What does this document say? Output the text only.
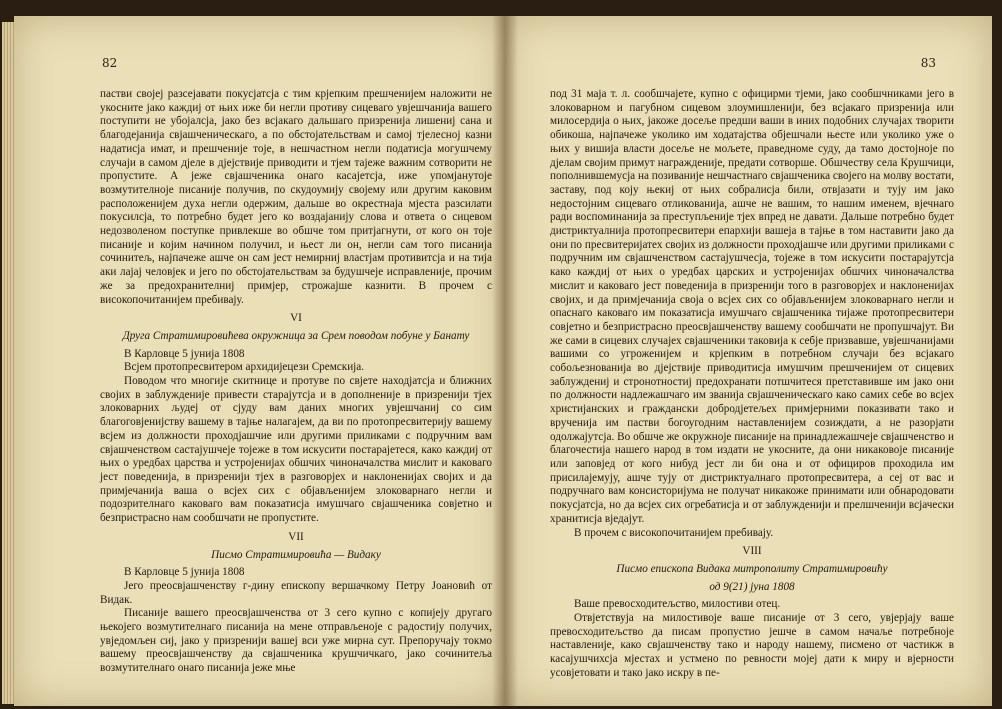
82

пастви својеј разсејавати покусјатсја с тим крјепким прешченијем наложити не укосните јако каждиј от њих иже би негли противу сицеваго увјешчанија вашего поступити не убојалсја, јако без всјакаго дальшаго призренија лишениј сана и благодејанија свјашченическаго, а по обстојательствам и самој тјелесноj казни надатисја имат, и прешченије тоје, в нешчастном негли податисја могушчему случаји в самом дјеле в дјејствије приводити и тјем тајеже важним сотворити не пропустите. А јеже свјашченика онаго касајетсја, иже упомјанутоје возмутителноје писаније получив, по скудоумију својему или другим каковим расположенијем духа негли одержим, дальше во окрестнаја мјеста разсилати покусилсја, то потребно будет јего ко воздајанију слова и ответа о сицевом недозволеном поступке привлекше во обшче том притјагнути, от кого он тоје писаније и којим начином получил, и њест ли он, негли сам того писанија сочинитељ, најпачеже ашче он сам јест немирниј властјам противитсја и на тија аки лајај человјек и јего по обстојательствам за будушчеје исправленије, прочим же за предохранителниј примјер, строжајше казнити. В прочем с високопочитанијем пребивају.

VI

Друга Стратимировићева окружница за Срем поводом побуне у Банату

В Карловце 5 јунија 1808

Всјем протопресвитером архидијецези Сремскија.

Поводом что многије скитнице и протуве по свјете находјатсја и ближних својих в заблужденије привести старајутсја и в дополненије в призренији тјех злоковарних људеј от сјуду вам даних многих увјешчаниј со сим благоговјенијству вашему в тајње налагајем, да ви по протопресвитерију вашему всјем из должности проходјашчие или другими приликами с подручним вам свјашченством састајушчеје тоjеже в том искусити постарајетеся, како каждиј от њих о уредбах царства и устројенијах обшчих чиноначалства мислит и каковаго јест поведенија, в призренији тјех в разговорјех и наклоненијах својих и да примјечанија ваша о всјех сих с објављенијем злоковарнаго негли и подозрителнаго каковаго вам показатисја имушчаго свјашченика совјетно и безпристрасно нам сообшчати не пропустите.

VII

Писмо Стратимировића — Видаку

В Карловце 5 јунија 1808

Јего преосвјашченству г-дину епископу вершачкому Петру Јоановић от Видак.

Писаније вашего преосвјашченства от 3 сего купно с копијеју другаго њекојего возмутителнаго писанија на мене отправљеноје с радостију получих, увједомљен сиј, јако у призренији вашеј вси уже мирна сут. Препоручају токмо вашему преосвјашченству да свјашченика крушчичкаго, јако сочинитеља возмутителнаго онаго писанија јеже мње

83

под 31 маја т. л. сообшчајете, купно с официрми тјеми, јако сообшчниками јего в злоковарном и пагубном сицевом злоумишленији, без всјакаго призренија или милосердија о њих, јакоже досеље предши ваши в иних подобних случајах творити обикоша, најпачеже уколико им ходатајства објешчали њесте или уколико уже о њих у вишија власти досеље не мољете, праведноме суду, да тамо достојноје по дјелам својим примут награжденије, предати сотворше. Обшчеству села Крушчици, пополнившемусја на позиваније нешчастнаго свјашченика својего на молву востати, заставу, под коју њекиј от њих собралисја били, отвјазати и тују им јако недостојним сицеваго отликованија, ашче не вашим, то нашим именем, вјечнаго ради воспоминанија за преступљеније тјех впред не давати. Дальше потребно будет дистриктуалнија протопресвитери епархији вашеја в тајње в том наставити јако да они по пресвитеријатех својих из должности проходјашче или другими приликами с подручним им свјашченством састајушчесја, тоjеже в том искусити постарајутсја како каждиј от њих о уредбах царских и устројенијах обшчих чиноначалства мислит и каковаго јест поведенија в призренији того в разговорјех и наклоненијах својих, и да примјечанија своја о всјех сих со објављенијем злоковарнаго негли и опаснаго каковаго им показатисја имушчаго свјашченика тијаже протопресвитери совјетно и безпристрасно преосвјашченству вашему сообшчати не пропушчајут. Ви же сами в сицевих случајех свјашченики таковија к себје призвавше, увјешчанијами вашими со угроженијем и крјепким в потребном случаји без всјакаго собољезнованија во дјејствије приводитиcја имушчим прешченијем от сицевих заблуждениј и стронотностиј предохранати потшчитеся претставивше им јако они по должности надлежашчаго им званија свјашченическаго како самих себе во всјех христијанских и граждански добродјетељех примјерними показивати тако и врученија им пастви богоугодним наставленијем созиждати, а не разорјати одолжајутсја. Во обшче же окружноје писаније на принадлежашчеје свјашченство и благочестија нашего народ в том издати не укосните, да они никаковоје писаније или заповјед от кого нибуд јест ли би она и от официров проходила им присилајемују, ашче тују от дистриктуалнаго протопресвитера, а сеј от вас и подручнаго вам консисторијума не получат никакоже принимати или обнародовати покусјатсја, но да всјех сих огребатисја и от заблужденији и прелшченији всјачески хранитисја вједајут.

В прочем с високопочитанијем пребивају.

VIII

Писмо епископа Видака митрополиту Стратимировићу

од 9(21) јуна 1808

Ваше превосходитељство, милостиви отец.

Отвјетствуја на милостивоје ваше писаније от 3 сего, увјерјају ваше превосходитељство да писам пропустио јешче в самом начаље потребноје наставленије, како свјашченству тако и народу нашему, писмено от частикж в касајушчихсја мјестах и устмено по ревности мојеј дати к миру и вјерности усовјетовати и тако јако искру в пе-
